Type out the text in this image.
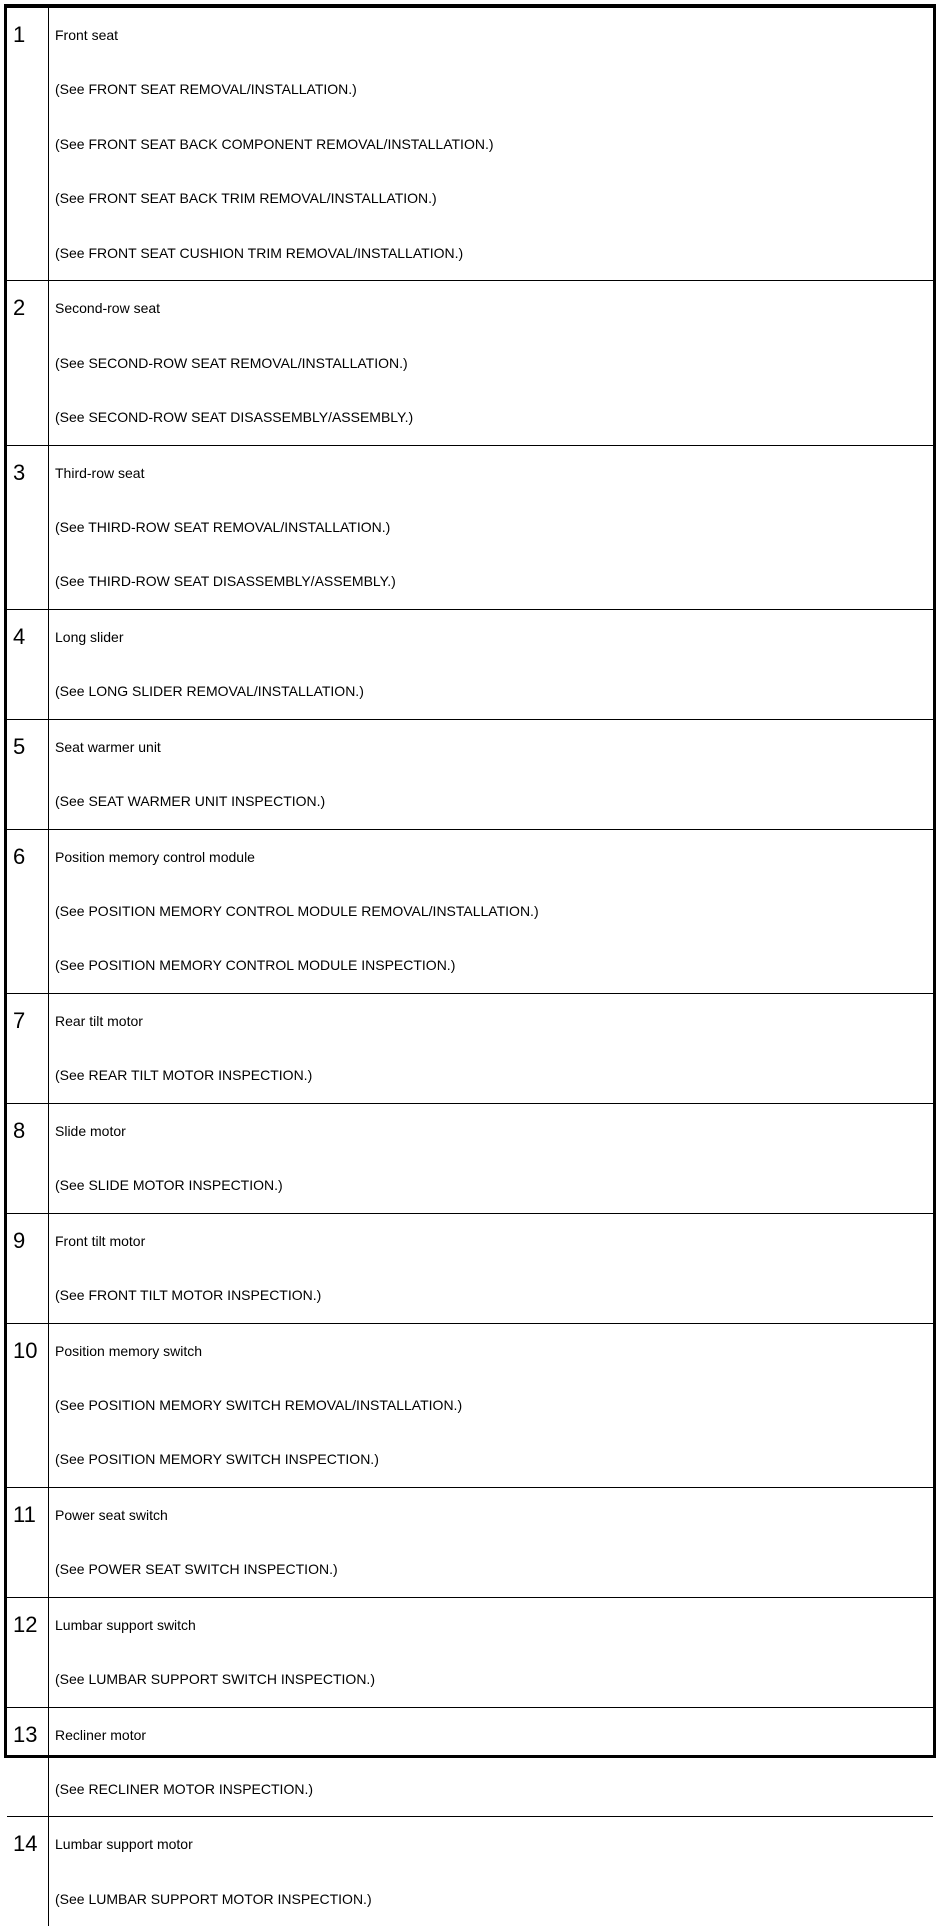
1	Front seat
(See FRONT SEAT REMOVAL/INSTALLATION.)
(See FRONT SEAT BACK COMPONENT REMOVAL/INSTALLATION.)
(See FRONT SEAT BACK TRIM REMOVAL/INSTALLATION.)
(See FRONT SEAT CUSHION TRIM REMOVAL/INSTALLATION.)
2	Second-row seat
(See SECOND-ROW SEAT REMOVAL/INSTALLATION.)
(See SECOND-ROW SEAT DISASSEMBLY/ASSEMBLY.)
3	Third-row seat
(See THIRD-ROW SEAT REMOVAL/INSTALLATION.)
(See THIRD-ROW SEAT DISASSEMBLY/ASSEMBLY.)
4	Long slider
(See LONG SLIDER REMOVAL/INSTALLATION.)
5	Seat warmer unit
(See SEAT WARMER UNIT INSPECTION.)
6	Position memory control module
(See POSITION MEMORY CONTROL MODULE REMOVAL/INSTALLATION.)
(See POSITION MEMORY CONTROL MODULE INSPECTION.)
7	Rear tilt motor
(See REAR TILT MOTOR INSPECTION.)
8	Slide motor
(See SLIDE MOTOR INSPECTION.)
9	Front tilt motor
(See FRONT TILT MOTOR INSPECTION.)
10	Position memory switch
(See POSITION MEMORY SWITCH REMOVAL/INSTALLATION.)
(See POSITION MEMORY SWITCH INSPECTION.)
11	Power seat switch
(See POWER SEAT SWITCH INSPECTION.)
12	Lumbar support switch
(See LUMBAR SUPPORT SWITCH INSPECTION.)
13	Recliner motor
(See RECLINER MOTOR INSPECTION.)
14	Lumbar support motor
(See LUMBAR SUPPORT MOTOR INSPECTION.)
